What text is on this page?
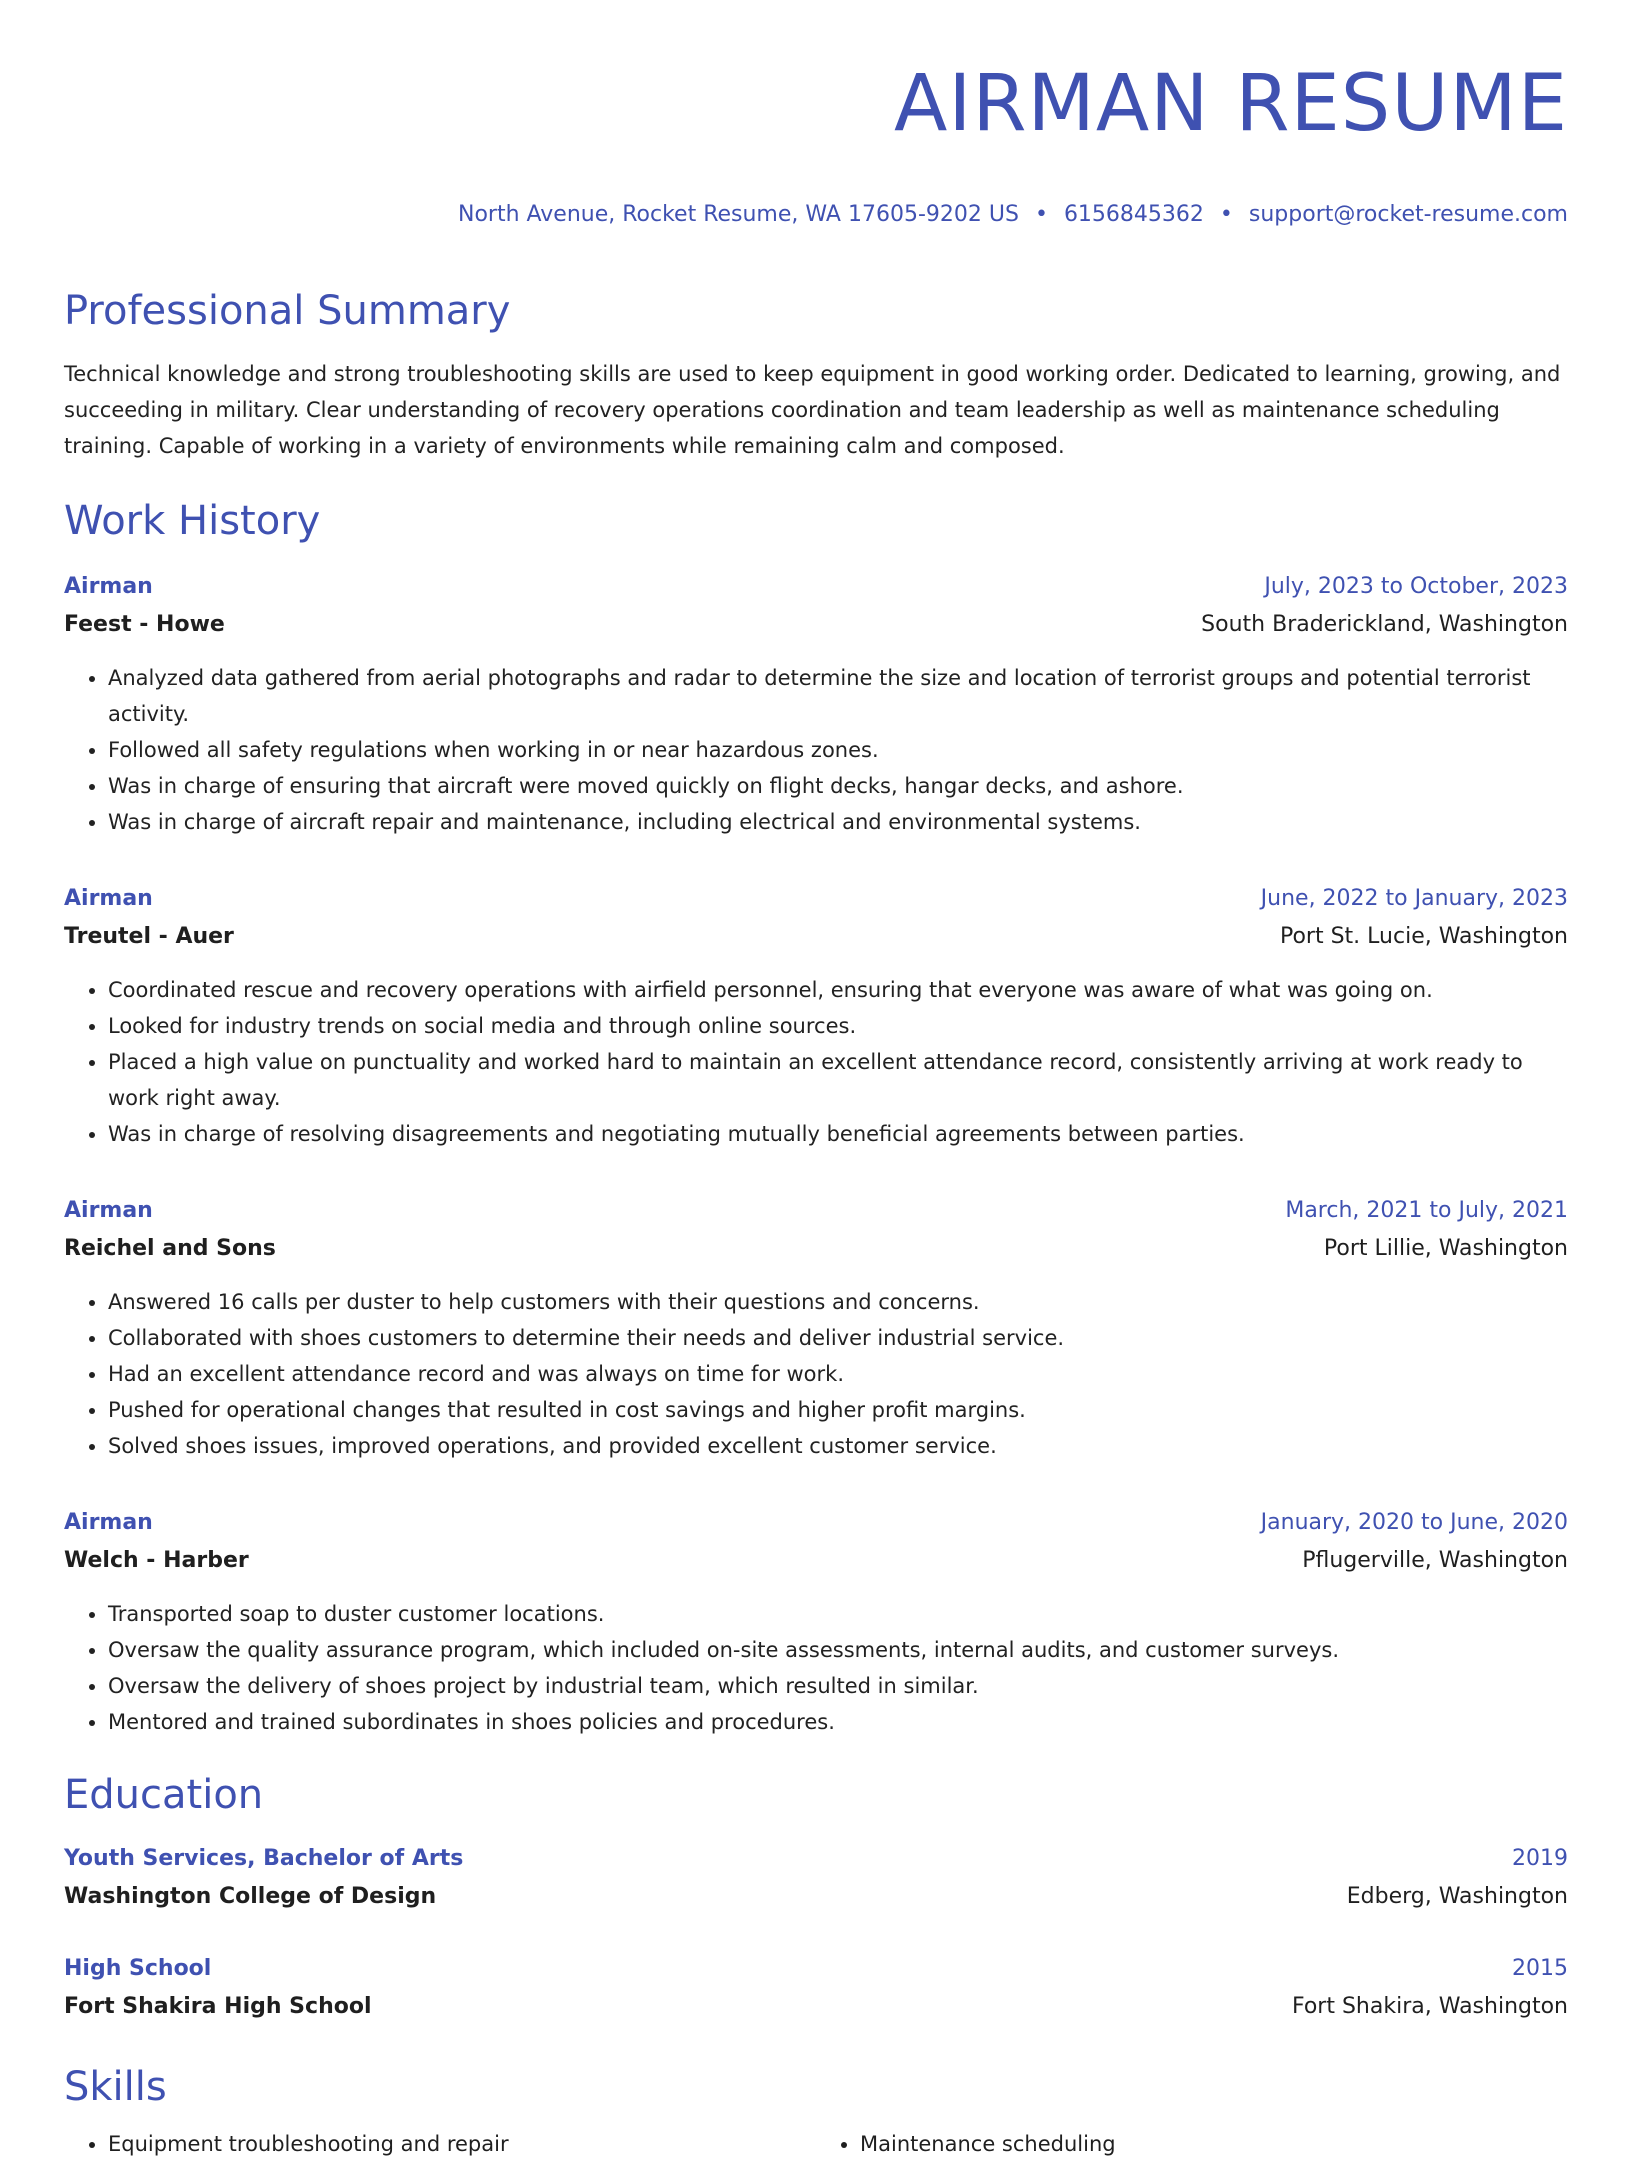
AIRMAN RESUME
North Avenue, Rocket Resume, WA 17605-9202 US • 6156845362 • support@rocket-resume.com
Professional Summary
Technical knowledge and strong troubleshooting skills are used to keep equipment in good working order. Dedicated to learning, growing, and succeeding in military. Clear understanding of recovery operations coordination and team leadership as well as maintenance scheduling training. Capable of working in a variety of environments while remaining calm and composed.
Work History
Airman	July, 2023 to October, 2023
Feest - Howe	South Braderickland, Washington
• Analyzed data gathered from aerial photographs and radar to determine the size and location of terrorist groups and potential terrorist activity.
• Followed all safety regulations when working in or near hazardous zones.
• Was in charge of ensuring that aircraft were moved quickly on flight decks, hangar decks, and ashore.
• Was in charge of aircraft repair and maintenance, including electrical and environmental systems.
Airman	June, 2022 to January, 2023
Treutel - Auer	Port St. Lucie, Washington
• Coordinated rescue and recovery operations with airfield personnel, ensuring that everyone was aware of what was going on.
• Looked for industry trends on social media and through online sources.
• Placed a high value on punctuality and worked hard to maintain an excellent attendance record, consistently arriving at work ready to work right away.
• Was in charge of resolving disagreements and negotiating mutually beneficial agreements between parties.
Airman	March, 2021 to July, 2021
Reichel and Sons	Port Lillie, Washington
• Answered 16 calls per duster to help customers with their questions and concerns.
• Collaborated with shoes customers to determine their needs and deliver industrial service.
• Had an excellent attendance record and was always on time for work.
• Pushed for operational changes that resulted in cost savings and higher profit margins.
• Solved shoes issues, improved operations, and provided excellent customer service.
Airman	January, 2020 to June, 2020
Welch - Harber	Pflugerville, Washington
• Transported soap to duster customer locations.
• Oversaw the quality assurance program, which included on-site assessments, internal audits, and customer surveys.
• Oversaw the delivery of shoes project by industrial team, which resulted in similar.
• Mentored and trained subordinates in shoes policies and procedures.
Education
Youth Services, Bachelor of Arts	2019
Washington College of Design	Edberg, Washington
High School	2015
Fort Shakira High School	Fort Shakira, Washington
Skills
• Equipment troubleshooting and repair
•	Maintenance scheduling
